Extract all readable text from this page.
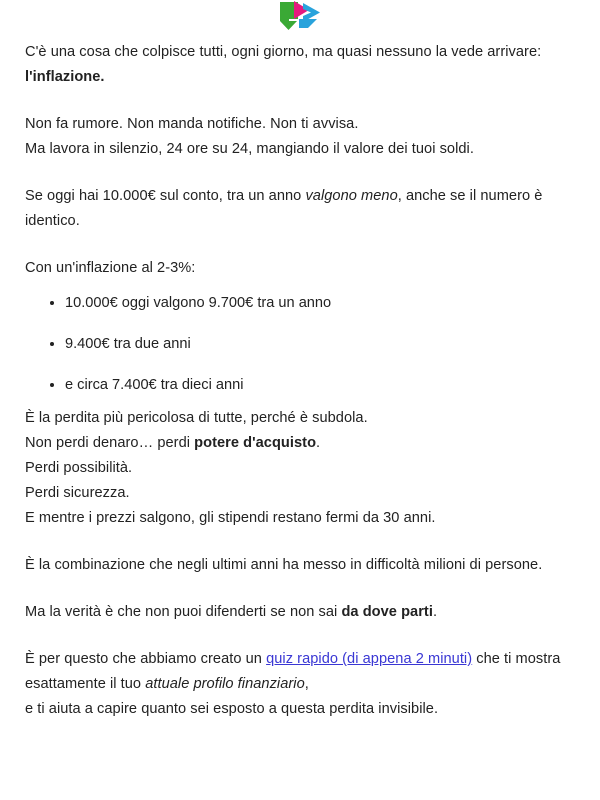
C'è una cosa che colpisce tutti, ogni giorno, ma quasi nessuno la vede arrivare: l'inflazione.

Non fa rumore. Non manda notifiche. Non ti avvisa.
Ma lavora in silenzio, 24 ore su 24, mangiando il valore dei tuoi soldi.

Se oggi hai 10.000€ sul conto, tra un anno valgono meno, anche se il numero è identico.

Con un'inflazione al 2-3%:

• 10.000€ oggi valgono 9.700€ tra un anno
• 9.400€ tra due anni
• e circa 7.400€ tra dieci anni

È la perdita più pericolosa di tutte, perché è subdola.
Non perdi denaro… perdi potere d'acquisto.
Perdi possibilità.
Perdi sicurezza.
E mentre i prezzi salgono, gli stipendi restano fermi da 30 anni.

È la combinazione che negli ultimi anni ha messo in difficoltà milioni di persone.

Ma la verità è che non puoi difenderti se non sai da dove parti.

È per questo che abbiamo creato un quiz rapido (di appena 2 minuti) che ti mostra esattamente il tuo attuale profilo finanziario,
e ti aiuta a capire quanto sei esposto a questa perdita invisibile.
